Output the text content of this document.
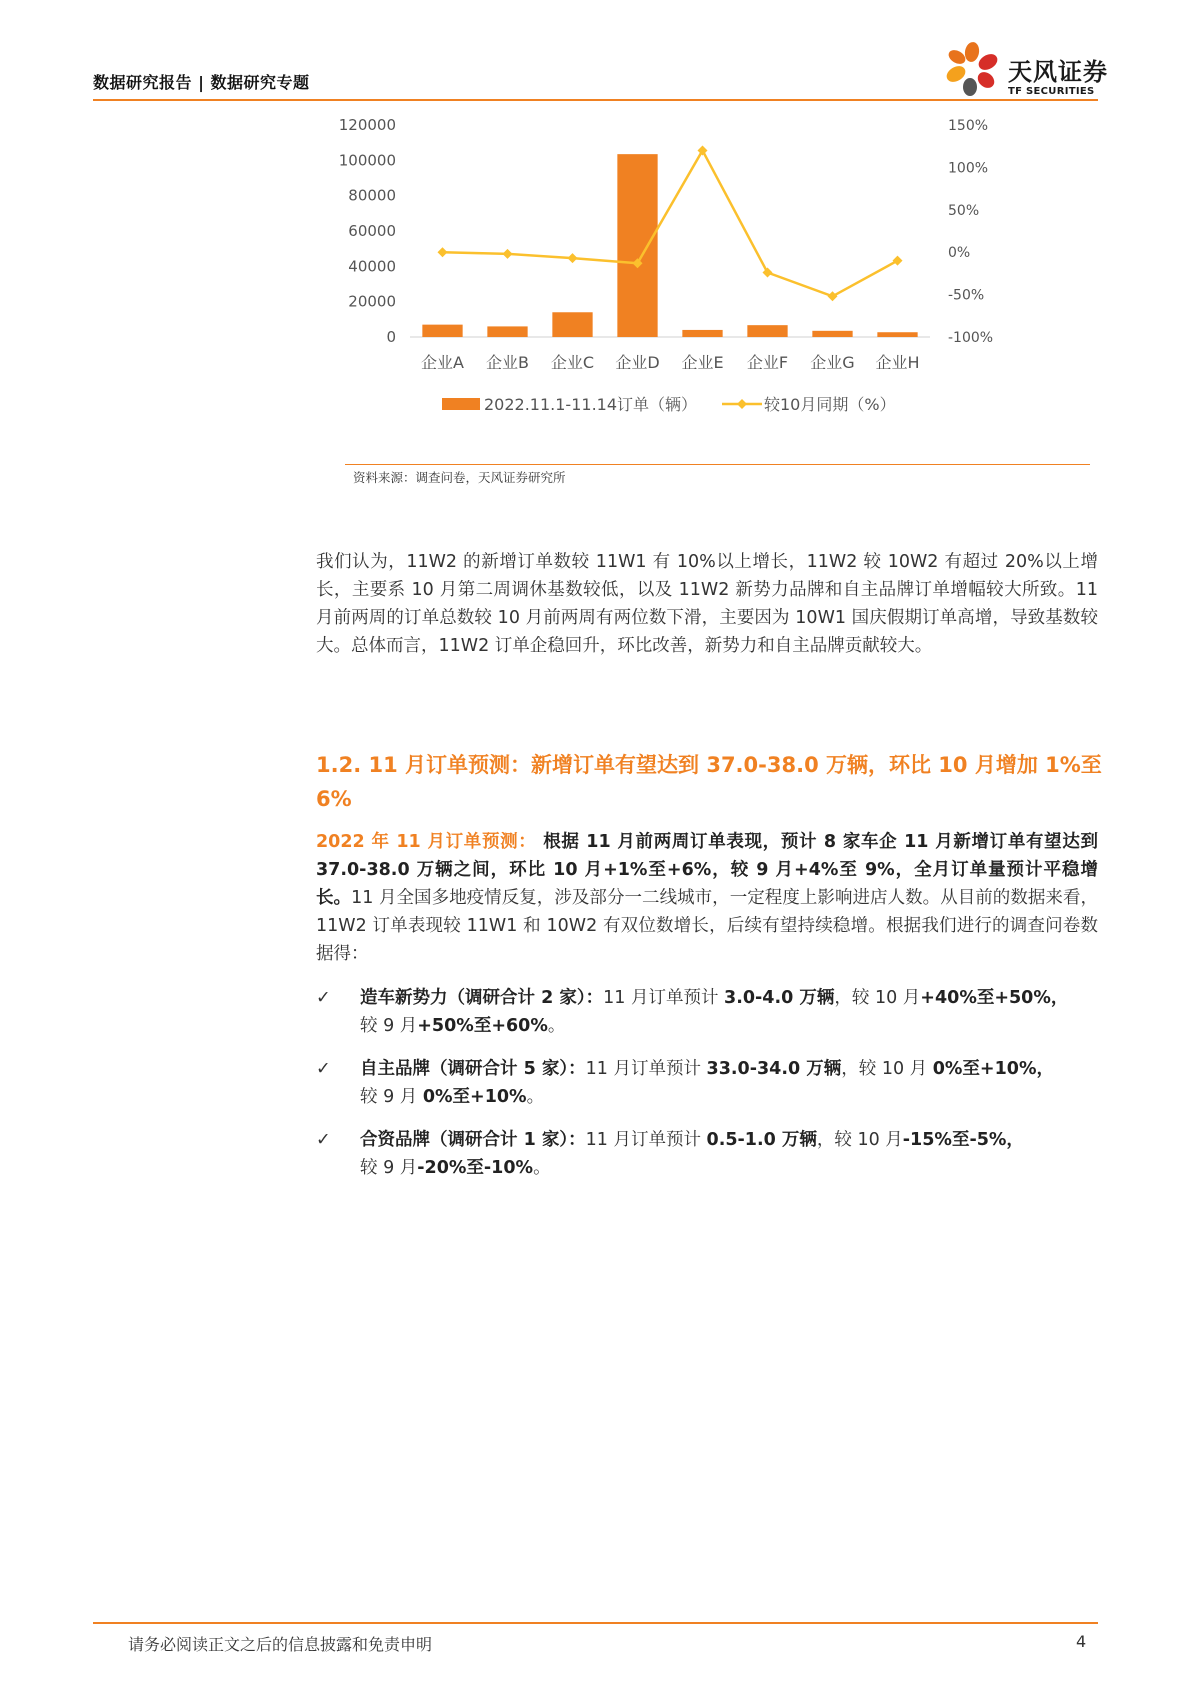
数据研究报告 | 数据研究专题	天风证券
TF SECURITIES
0
20000
40000
60000
80000
100000
120000
-100%
-50%
0%
50%
100%
150%
企业A 企业B 企业C 企业D 企业E 企业F 企业G 企业H
2022.11.1-11.14订单（辆）	较10月同期（%）
资料来源：调查问卷，天风证券研究所
我们认为，11W2 的新增订单数较 11W1 有 10%以上增长，11W2 较 10W2 有超过 20%以上增长，主要系 10 月第二周调休基数较低，以及 11W2 新势力品牌和自主品牌订单增幅较大所致。11 月前两周的订单总数较 10 月前两周有两位数下滑，主要因为 10W1 国庆假期订单高增，导致基数较大。总体而言，11W2 订单企稳回升，环比改善，新势力和自主品牌贡献较大。
1.2. 11 月订单预测：新增订单有望达到 37.0-38.0 万辆，环比 10 月增加 1%至 6%
2022 年 11 月订单预测： 根据 11 月前两周订单表现，预计 8 家车企 11 月新增订单有望达到 37.0-38.0 万辆之间，环比 10 月+1%至+6%，较 9 月+4%至 9%，全月订单量预计平稳增长。11 月全国多地疫情反复，涉及部分一二线城市，一定程度上影响进店人数。从目前的数据来看，11W2 订单表现较 11W1 和 10W2 有双位数增长，后续有望持续稳增。根据我们进行的调查问卷数据得：
✓	造车新势力（调研合计 2 家）：11 月订单预计 3.0-4.0 万辆，较 10 月+40%至+50%，
较 9 月+50%至+60%。
✓	自主品牌（调研合计 5 家）：11 月订单预计 33.0-34.0 万辆，较 10 月 0%至+10%，
较 9 月 0%至+10%。
✓	合资品牌（调研合计 1 家）：11 月订单预计 0.5-1.0 万辆，较 10 月-15%至-5%，
较 9 月-20%至-10%。
请务必阅读正文之后的信息披露和免责申明	4
